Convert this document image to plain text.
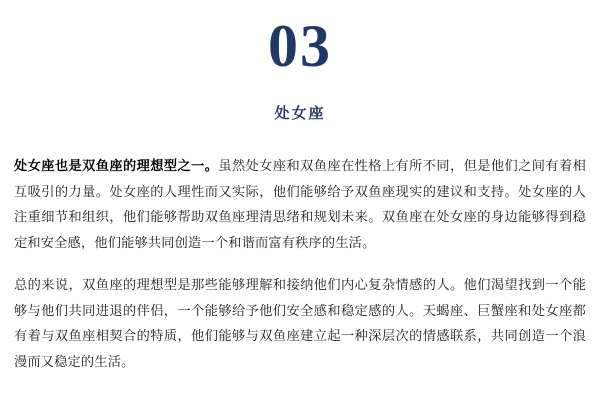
03
处女座

处女座也是双鱼座的理想型之一。虽然处女座和双鱼座在性格上有所不同，但是他们之间有着相互吸引的力量。处女座的人理性而又实际，他们能够给予双鱼座现实的建议和支持。处女座的人注重细节和组织，他们能够帮助双鱼座理清思绪和规划未来。双鱼座在处女座的身边能够得到稳定和安全感，他们能够共同创造一个和谐而富有秩序的生活。

总的来说，双鱼座的理想型是那些能够理解和接纳他们内心复杂情感的人。他们渴望找到一个能够与他们共同进退的伴侣，一个能够给予他们安全感和稳定感的人。天蝎座、巨蟹座和处女座都有着与双鱼座相契合的特质，他们能够与双鱼座建立起一种深层次的情感联系，共同创造一个浪漫而又稳定的生活。
